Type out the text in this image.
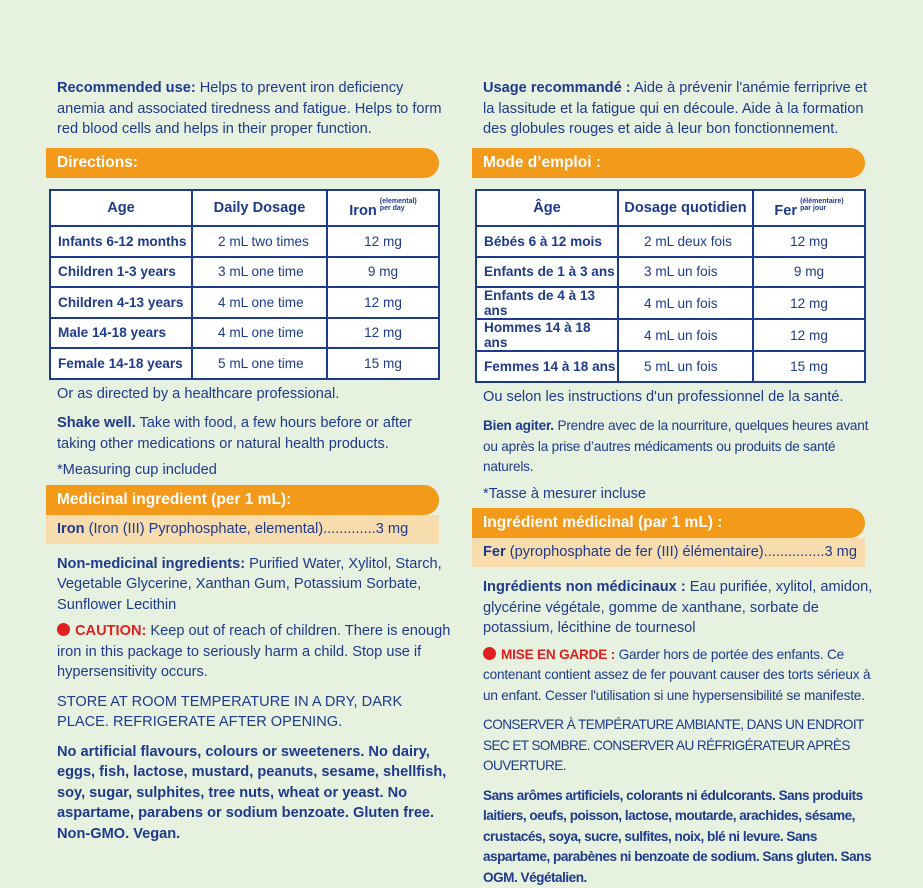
Recommended use: Helps to prevent iron deficiency anemia and associated tiredness and fatigue. Helps to form red blood cells and helps in their proper function.

Directions:
Age	Daily Dosage	Iron(elemental)
per day
Infants 6-12 months	2 mL two times	12 mg
Children 1-3 years	3 mL one time	9 mg
Children 4-13 years	4 mL one time	12 mg
Male 14-18 years	4 mL one time	12 mg
Female 14-18 years	5 mL one time	15 mg

Or as directed by a healthcare professional.

Shake well. Take with food, a few hours before or after taking other medications or natural health products.

*Measuring cup included

Medicinal ingredient (per 1 mL):
Iron (Iron (III) Pyrophosphate, elemental).............3 mg

Non-medicinal ingredients: Purified Water, Xylitol, Starch, Vegetable Glycerine, Xanthan Gum, Potassium Sorbate, Sunflower Lecithin

CAUTION: Keep out of reach of children. There is enough iron in this package to seriously harm a child. Stop use if hypersensitivity occurs.

STORE AT ROOM TEMPERATURE IN A DRY, DARK PLACE. REFRIGERATE AFTER OPENING.

No artificial flavours, colours or sweeteners. No dairy, eggs, fish, lactose, mustard, peanuts, sesame, shellfish, soy, sugar, sulphites, tree nuts, wheat or yeast. No aspartame, parabens or sodium benzoate. Gluten free. Non-GMO. Vegan.

Usage recommandé : Aide à prévenir l'anémie ferriprive et la lassitude et la fatigue qui en découle. Aide à la formation des globules rouges et aide à leur bon fonctionnement.

Mode d’emploi :
Âge	Dosage quotidien	Fer(élémentaire)
par jour
Bébés 6 à 12 mois	2 mL deux fois	12 mg
Enfants de 1 à 3 ans	3 mL un fois	9 mg
Enfants de 4 à 13 ans	4 mL un fois	12 mg
Hommes 14 à 18 ans	4 mL un fois	12 mg
Femmes 14 à 18 ans	5 mL un fois	15 mg

Ou selon les instructions d'un professionnel de la santé.

Bien agiter. Prendre avec de la nourriture, quelques heures avant ou après la prise d’autres médicaments ou produits de santé naturels.

*Tasse à mesurer incluse

Ingrédient médicinal (par 1 mL) :
Fer (pyrophosphate de fer (III) élémentaire)...............3 mg

Ingrédients non médicinaux : Eau purifiée, xylitol, amidon, glycérine végétale, gomme de xanthane, sorbate de potassium, lécithine de tournesol

MISE EN GARDE : Garder hors de portée des enfants. Ce contenant contient assez de fer pouvant causer des torts sérieux à un enfant. Cesser l'utilisation si une hypersensibilité se manifeste.

CONSERVER À TEMPÉRATURE AMBIANTE, DANS UN ENDROIT SEC ET SOMBRE. CONSERVER AU RÉFRIGÉRATEUR APRÈS OUVERTURE.

Sans arômes artificiels, colorants ni édulcorants. Sans produits laitiers, oeufs, poisson, lactose, moutarde, arachides, sésame, crustacés, soya, sucre, sulfites, noix, blé ni levure. Sans aspartame, parabènes ni benzoate de sodium. Sans gluten. Sans OGM. Végétalien.
